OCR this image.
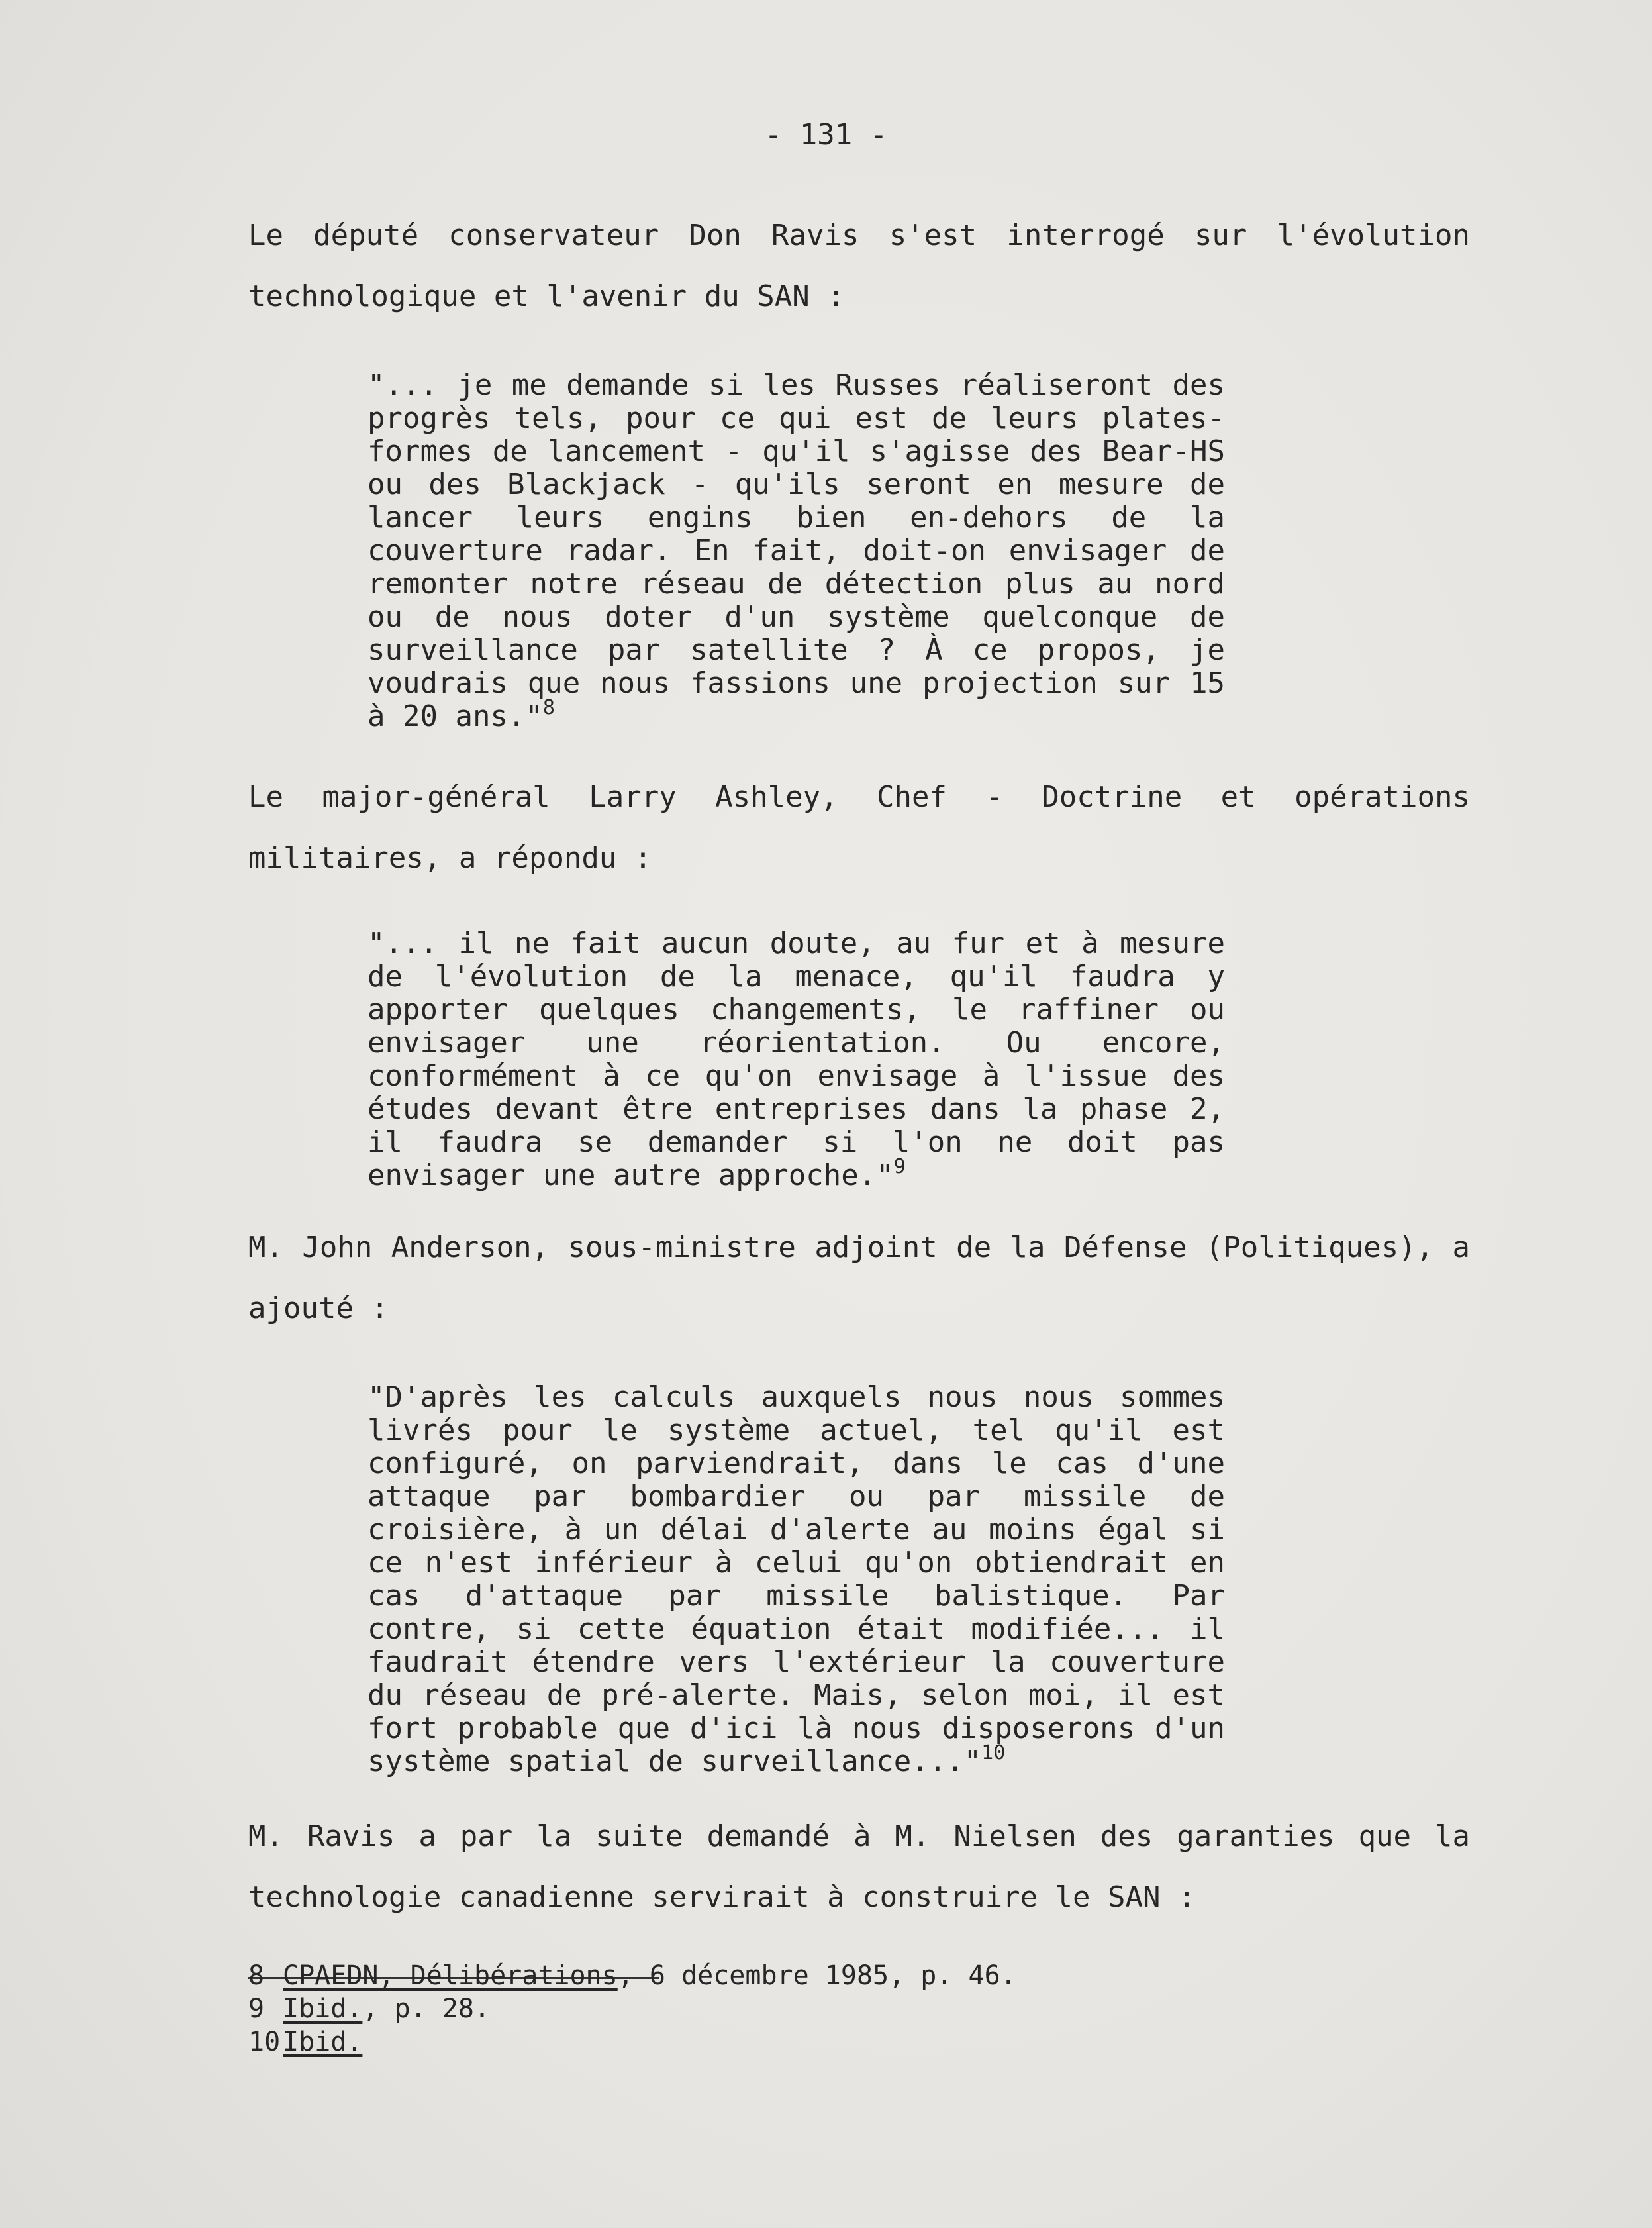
- 131 -
Le député conservateur Don Ravis s'est interrogé sur l'évolution technologique et l'avenir du SAN :
"... je me demande si les Russes réaliseront des progrès tels, pour ce qui est de leurs plates-formes de lancement - qu'il s'agisse des Bear-HS ou des Blackjack - qu'ils seront en mesure de lancer leurs engins bien en-dehors de la couverture radar. En fait, doit-on envisager de remonter notre réseau de détection plus au nord ou de nous doter d'un système quelconque de surveillance par satellite ? À ce propos, je voudrais que nous fassions une projection sur 15 à 20 ans."$^8$
Le major-général Larry Ashley, Chef - Doctrine et opérations militaires, a répondu :
"... il ne fait aucun doute, au fur et à mesure de l'évolution de la menace, qu'il faudra y apporter quelques changements, le raffiner ou envisager une réorientation. Ou encore, conformément à ce qu'on envisage à l'issue des études devant être entreprises dans la phase 2, il faudra se demander si l'on ne doit pas envisager une autre approche."$^9$
M. John Anderson, sous-ministre adjoint de la Défense (Politiques), a ajouté :
"D'après les calculs auxquels nous nous sommes livrés pour le système actuel, tel qu'il est configuré, on parviendrait, dans le cas d'une attaque par bombardier ou par missile de croisière, à un délai d'alerte au moins égal si ce n'est inférieur à celui qu'on obtiendrait en cas d'attaque par missile balistique. Par contre, si cette équation était modifiée... il faudrait étendre vers l'extérieur la couverture du réseau de pré-alerte. Mais, selon moi, il est fort probable que d'ici là nous disposerons d'un système spatial de surveillance..."$^{10}$
M. Ravis a par la suite demandé à M. Nielsen des garanties que la technologie canadienne servirait à construire le SAN :
8 CPAEDN, Délibérations, 6 décembre 1985, p. 46.
9 Ibid., p. 28.
10Ibid.
